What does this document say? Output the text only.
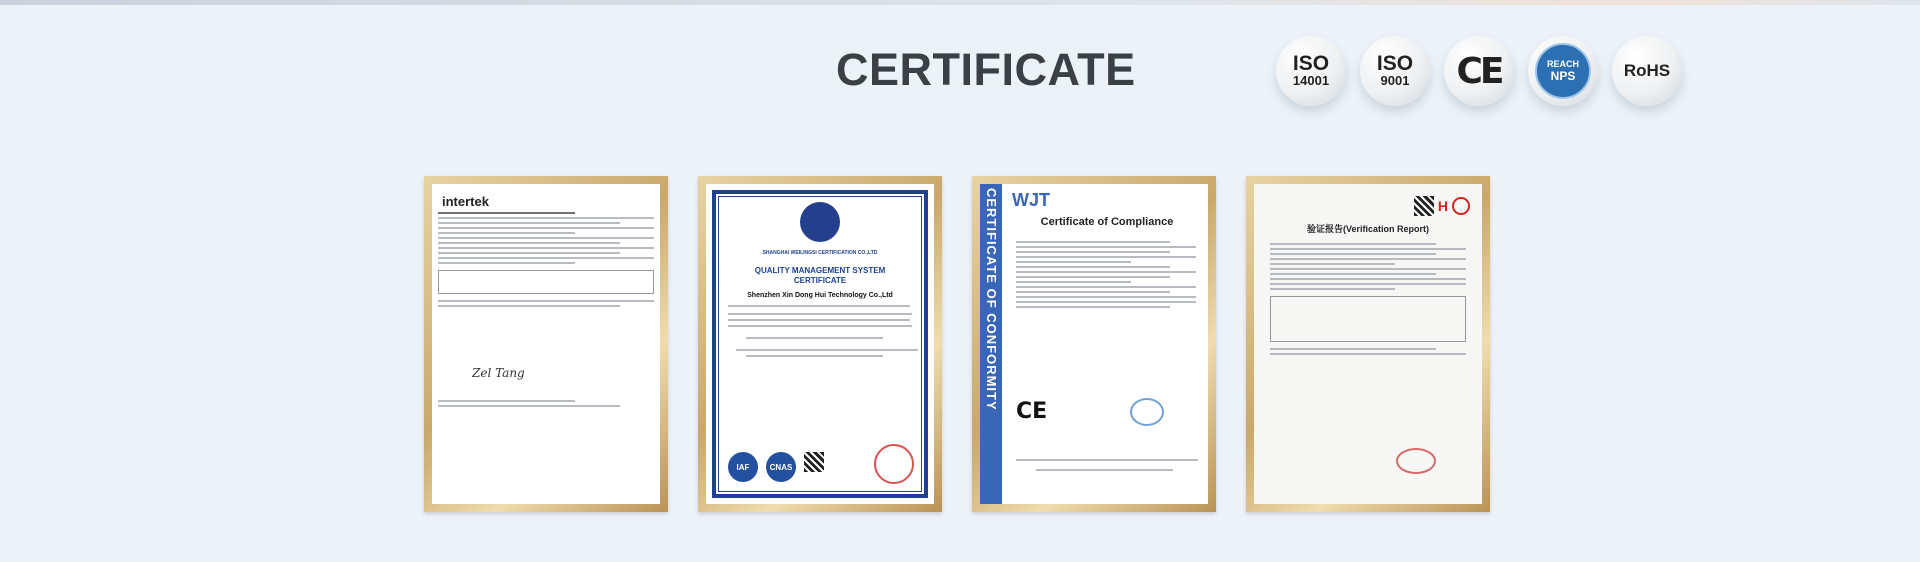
CERTIFICATE	ISO
14001
ISO
9001 CE	REACH
NPS	RoHS
intertek
Zel Tang
SHANGHAI WEILINGSI CERTIFICATION CO.,LTD
QUALITY MANAGEMENT SYSTEM
CERTIFICATE
Shenzhen Xin Dong Hui Technology Co.,Ltd
IAF	CNAS
CERTIFICATE OF CONFORMITY WJT
Certificate of Compliance
CE
H
验证报告(Verification Report)
